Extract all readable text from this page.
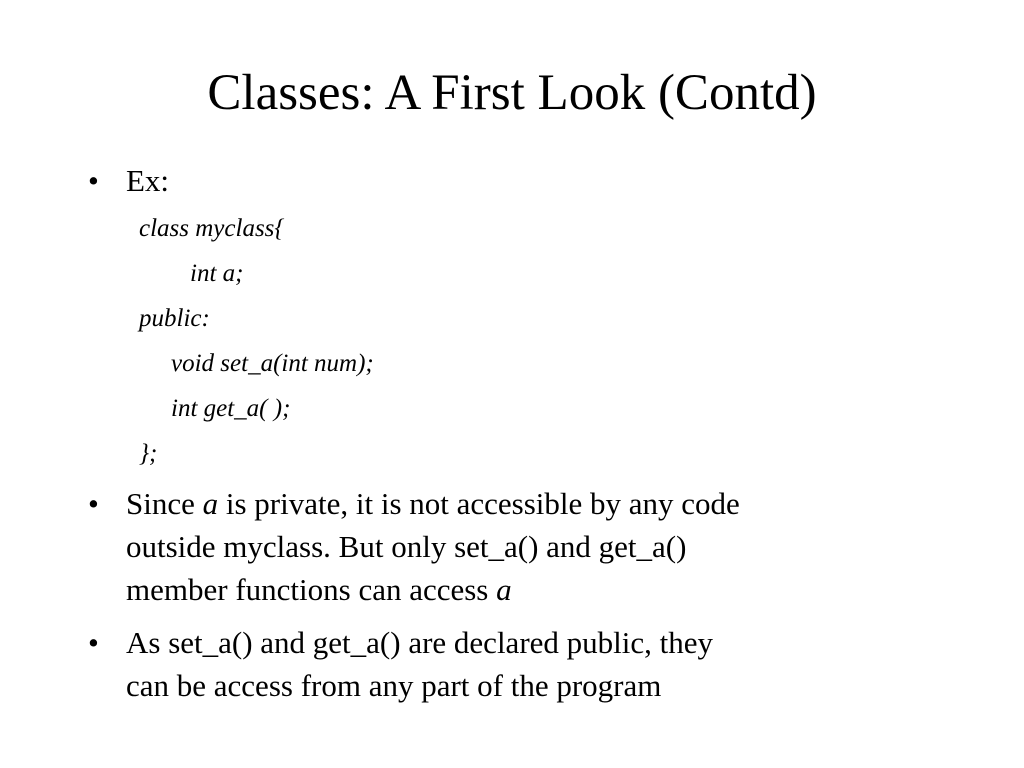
Classes: A First Look (Contd)
• Ex:
class myclass{
int a;
public:
void set_a(int num);
int get_a( );
};
• Since a is private, it is not accessible by any code
outside myclass. But only set_a() and get_a()
member functions can access a
• As set_a() and get_a() are declared public, they
can be access from any part of the program
